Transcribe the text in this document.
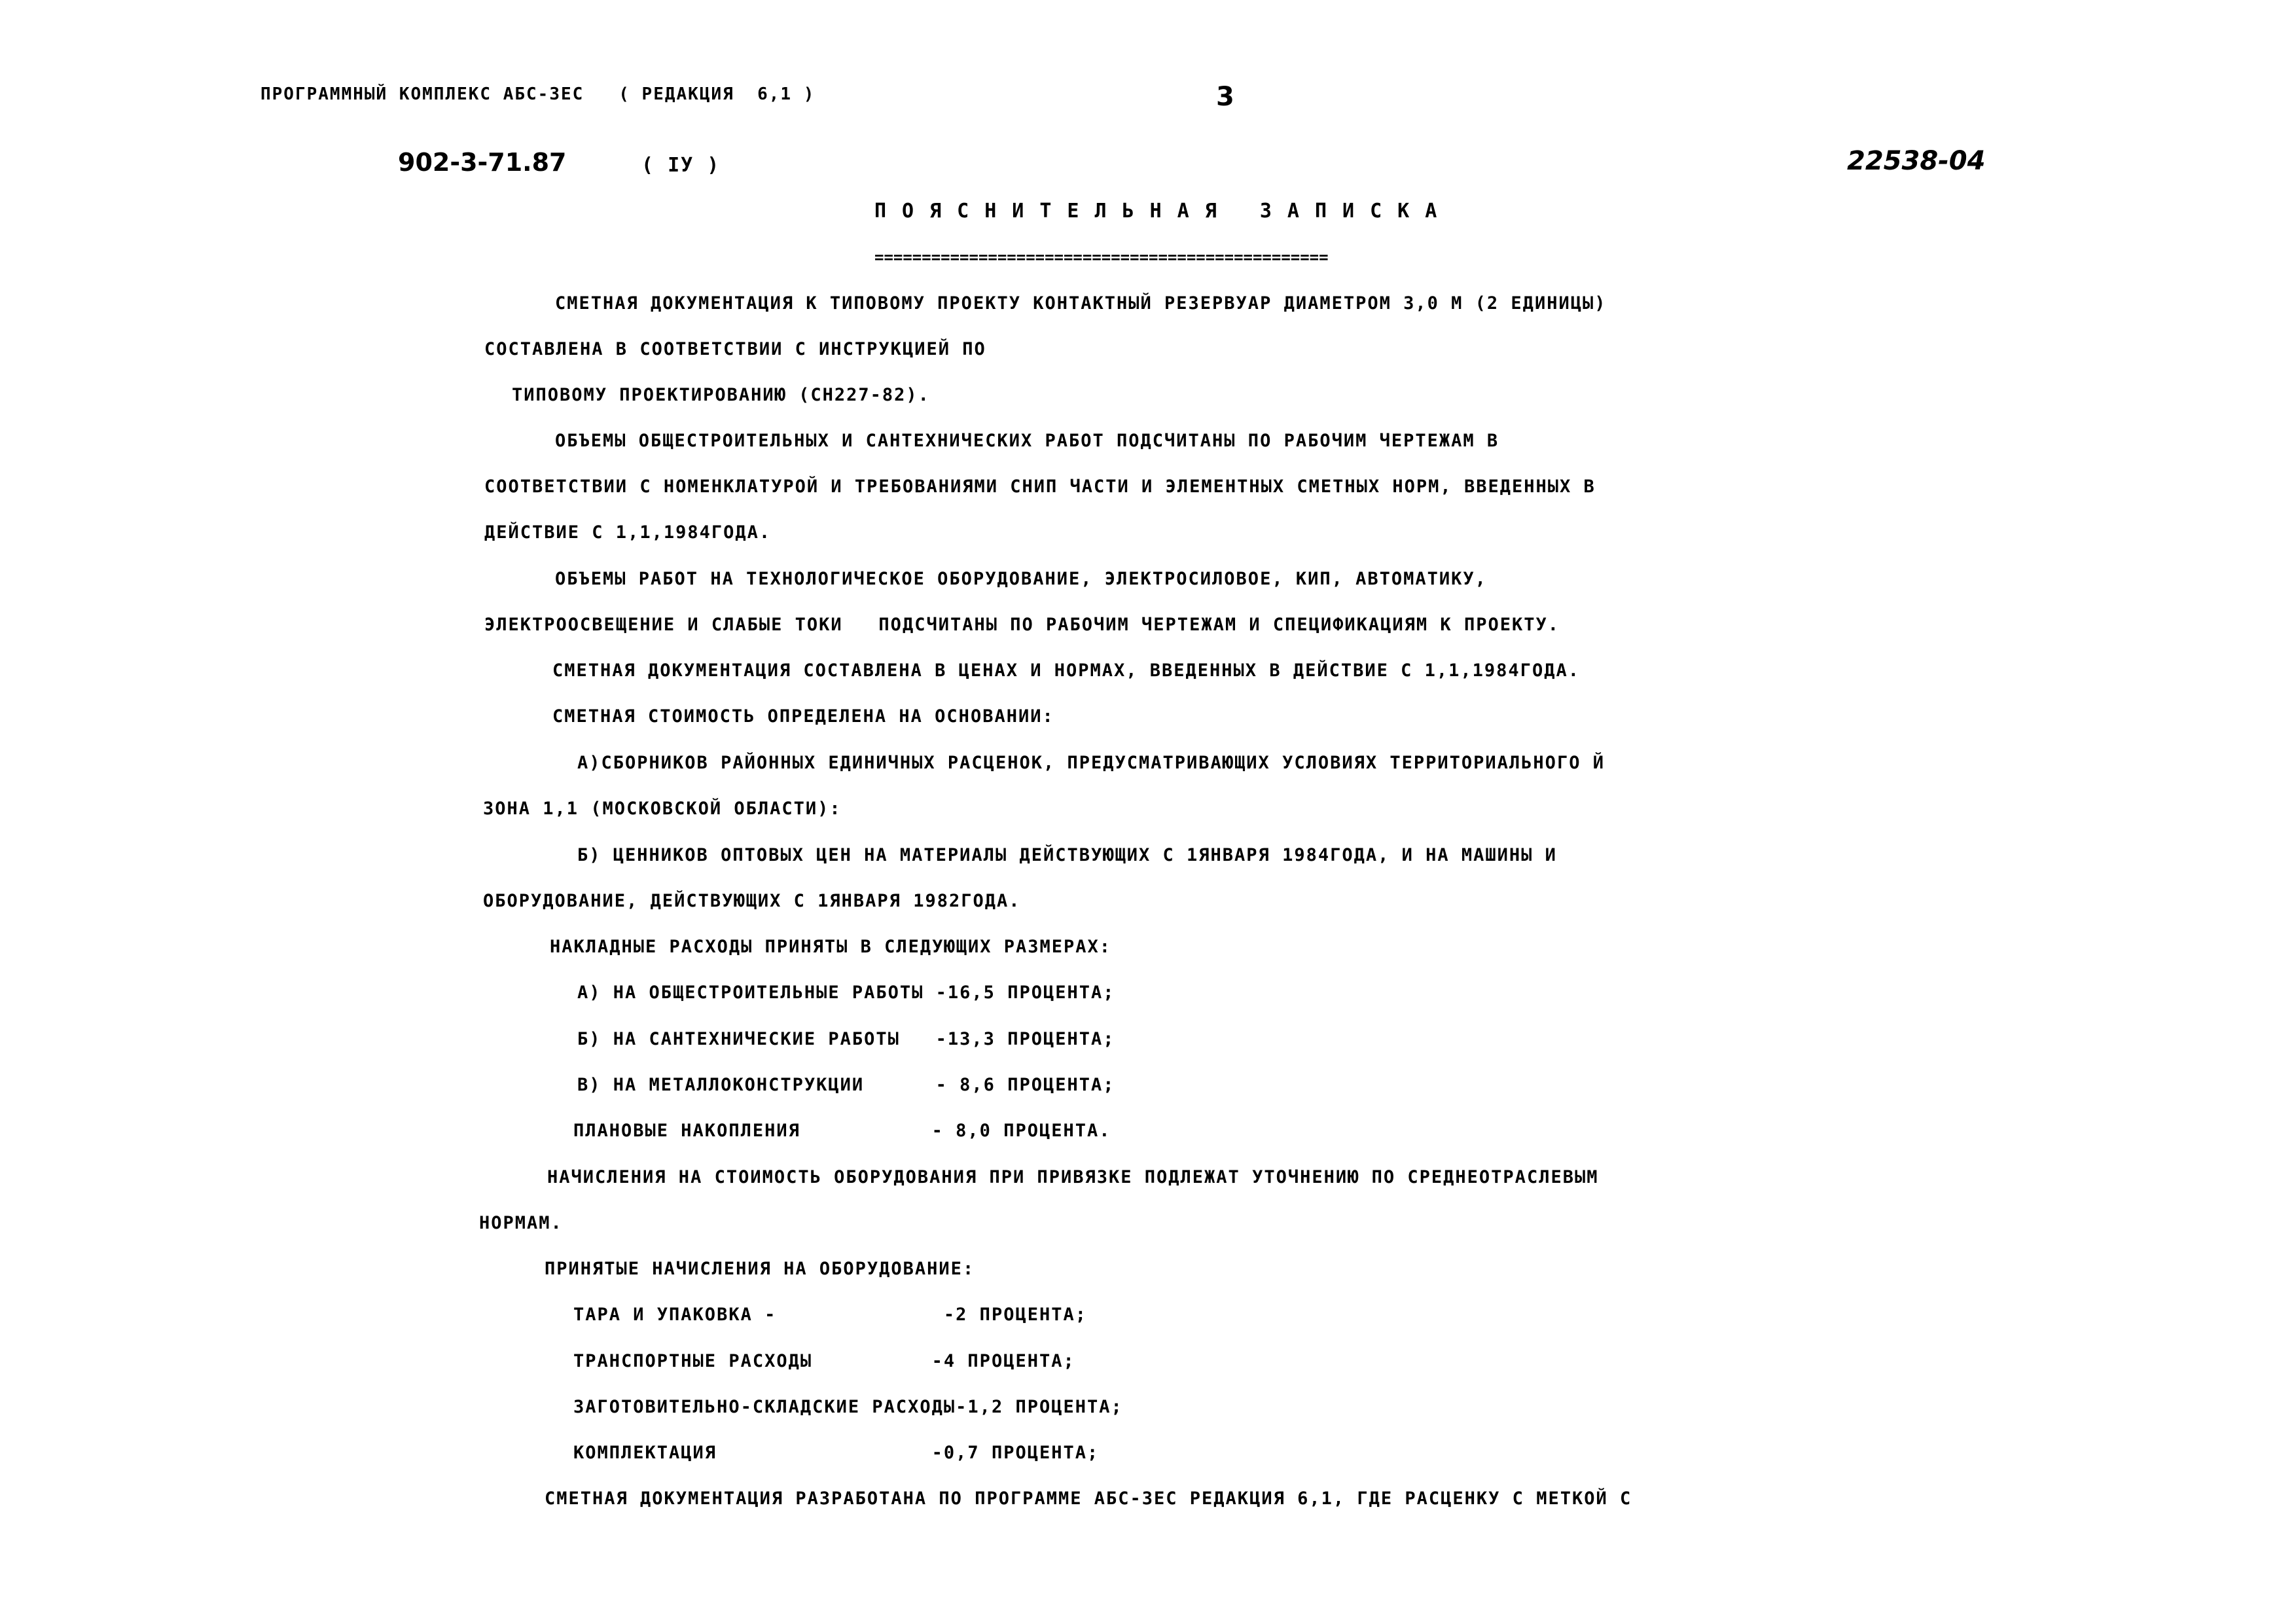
ПРОГРАММНЫЙ КОМПЛЕКС АБС-ЗЕС   ( РЕДАКЦИЯ  6,1 )	3
902-3-71.87	( IУ )	22538-04
ПОЯСНИТЕЛЬНАЯ ЗАПИСКА
================================================
СМЕТНАЯ ДОКУМЕНТАЦИЯ К ТИПОВОМУ ПРОЕКТУ КОНТАКТНЫЙ РЕЗЕРВУАР ДИАМЕТРОМ 3,0 М (2 ЕДИНИЦЫ)
СОСТАВЛЕНА В СООТВЕТСТВИИ С ИНСТРУКЦИЕЙ ПО
ТИПОВОМУ ПРОЕКТИРОВАНИЮ (СН227-82).
ОБЪЕМЫ ОБЩЕСТРОИТЕЛЬНЫХ И САНТЕХНИЧЕСКИХ РАБОТ ПОДСЧИТАНЫ ПО РАБОЧИМ ЧЕРТЕЖАМ В
СООТВЕТСТВИИ С НОМЕНКЛАТУРОЙ И ТРЕБОВАНИЯМИ СНИП ЧАСТИ И ЭЛЕМЕНТНЫХ СМЕТНЫХ НОРМ, ВВЕДЕННЫХ В
ДЕЙСТВИЕ С 1,1,1984ГОДА.
ОБЪЕМЫ РАБОТ НА ТЕХНОЛОГИЧЕСКОЕ ОБОРУДОВАНИЕ, ЭЛЕКТРОСИЛОВОЕ, КИП, АВТОМАТИКУ,
ЭЛЕКТРООСВЕЩЕНИЕ И СЛАБЫЕ ТОКИ   ПОДСЧИТАНЫ ПО РАБОЧИМ ЧЕРТЕЖАМ И СПЕЦИФИКАЦИЯМ К ПРОЕКТУ.
СМЕТНАЯ ДОКУМЕНТАЦИЯ СОСТАВЛЕНА В ЦЕНАХ И НОРМАХ, ВВЕДЕННЫХ В ДЕЙСТВИЕ С 1,1,1984ГОДА.
СМЕТНАЯ СТОИМОСТЬ ОПРЕДЕЛЕНА НА ОСНОВАНИИ:
А)СБОРНИКОВ РАЙОННЫХ ЕДИНИЧНЫХ РАСЦЕНОК, ПРЕДУСМАТРИВАЮЩИХ УСЛОВИЯХ ТЕРРИТОРИАЛЬНОГО Й
ЗОНА 1,1 (МОСКОВСКОЙ ОБЛАСТИ):
Б) ЦЕННИКОВ ОПТОВЫХ ЦЕН НА МАТЕРИАЛЫ ДЕЙСТВУЮЩИХ С 1ЯНВАРЯ 1984ГОДА, И НА МАШИНЫ И
ОБОРУДОВАНИЕ, ДЕЙСТВУЮЩИХ С 1ЯНВАРЯ 1982ГОДА.
НАКЛАДНЫЕ РАСХОДЫ ПРИНЯТЫ В СЛЕДУЮЩИХ РАЗМЕРАХ:
А) НА ОБЩЕСТРОИТЕЛЬНЫЕ РАБОТЫ -16,5 ПРОЦЕНТА;
Б) НА САНТЕХНИЧЕСКИЕ РАБОТЫ   -13,3 ПРОЦЕНТА;
В) НА МЕТАЛЛОКОНСТРУКЦИИ      - 8,6 ПРОЦЕНТА;
ПЛАНОВЫЕ НАКОПЛЕНИЯ           - 8,0 ПРОЦЕНТА.
НАЧИСЛЕНИЯ НА СТОИМОСТЬ ОБОРУДОВАНИЯ ПРИ ПРИВЯЗКЕ ПОДЛЕЖАТ УТОЧНЕНИЮ ПО СРЕДНЕОТРАСЛЕВЫМ
НОРМАМ.
ПРИНЯТЫЕ НАЧИСЛЕНИЯ НА ОБОРУДОВАНИЕ:
ТАРА И УПАКОВКА -              -2 ПРОЦЕНТА;
ТРАНСПОРТНЫЕ РАСХОДЫ          -4 ПРОЦЕНТА;
ЗАГОТОВИТЕЛЬНО-СКЛАДСКИЕ РАСХОДЫ-1,2 ПРОЦЕНТА;
КОМПЛЕКТАЦИЯ                  -0,7 ПРОЦЕНТА;
СМЕТНАЯ ДОКУМЕНТАЦИЯ РАЗРАБОТАНА ПО ПРОГРАММЕ АБС-ЗЕС РЕДАКЦИЯ 6,1, ГДЕ РАСЦЕНКУ С МЕТКОЙ С
